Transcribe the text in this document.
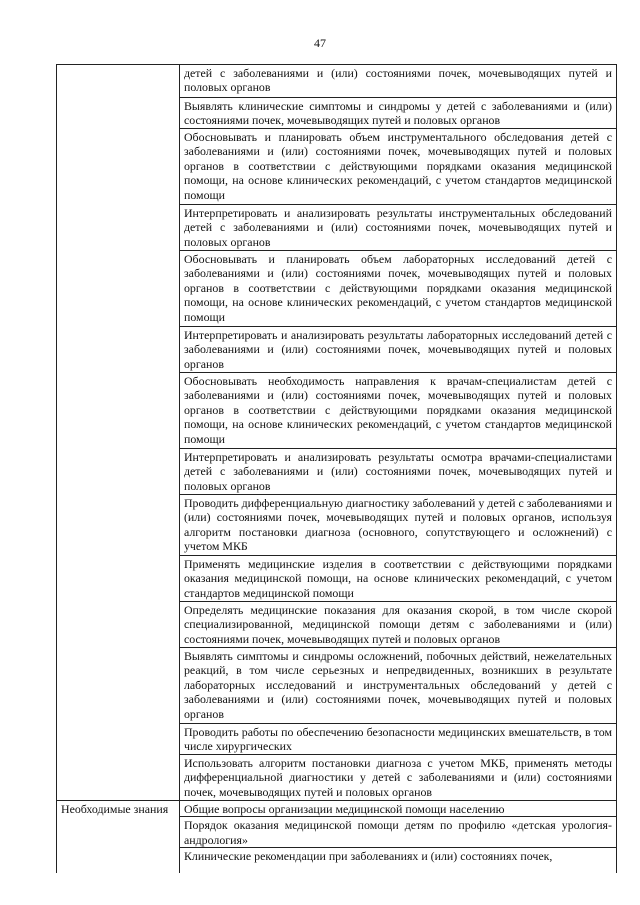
47
	детей с заболеваниями и (или) состояниями почек, мочевыводящих путей и половых органов
	Выявлять клинические симптомы и синдромы у детей с заболеваниями и (или) состояниями почек, мочевыводящих путей и половых органов
	Обосновывать и планировать объем инструментального обследования детей с заболеваниями и (или) состояниями почек, мочевыводящих путей и половых органов в соответствии с действующими порядками оказания медицинской помощи, на основе клинических рекомендаций, с учетом стандартов медицинской помощи
	Интерпретировать и анализировать результаты инструментальных обследований детей с заболеваниями и (или) состояниями почек, мочевыводящих путей и половых органов
	Обосновывать и планировать объем лабораторных исследований детей с заболеваниями и (или) состояниями почек, мочевыводящих путей и половых органов в соответствии с действующими порядками оказания медицинской помощи, на основе клинических рекомендаций, с учетом стандартов медицинской помощи
	Интерпретировать и анализировать результаты лабораторных исследований детей с заболеваниями и (или) состояниями почек, мочевыводящих путей и половых органов
	Обосновывать необходимость направления к врачам-специалистам детей с заболеваниями и (или) состояниями почек, мочевыводящих путей и половых органов в соответствии с действующими порядками оказания медицинской помощи, на основе клинических рекомендаций, с учетом стандартов медицинской помощи
	Интерпретировать и анализировать результаты осмотра врачами-специалистами детей с заболеваниями и (или) состояниями почек, мочевыводящих путей и половых органов
	Проводить дифференциальную диагностику заболеваний у детей с заболеваниями и (или) состояниями почек, мочевыводящих путей и половых органов, используя алгоритм постановки диагноза (основного, сопутствующего и осложнений) с учетом МКБ
	Применять медицинские изделия в соответствии с действующими порядками оказания медицинской помощи, на основе клинических рекомендаций, с учетом стандартов медицинской помощи
	Определять медицинские показания для оказания скорой, в том числе скорой специализированной, медицинской помощи детям с заболеваниями и (или) состояниями почек, мочевыводящих путей и половых органов
	Выявлять симптомы и синдромы осложнений, побочных действий, нежелательных реакций, в том числе серьезных и непредвиденных, возникших в результате лабораторных исследований и инструментальных обследований у детей с заболеваниями и (или) состояниями почек, мочевыводящих путей и половых органов
	Проводить работы по обеспечению безопасности медицинских вмешательств, в том числе хирургических
	Использовать алгоритм постановки диагноза с учетом МКБ, применять методы дифференциальной диагностики у детей с заболеваниями и (или) состояниями почек, мочевыводящих путей и половых органов
Необходимые знания	Общие вопросы организации медицинской помощи населению
	Порядок оказания медицинской помощи детям по профилю «детская урология-андрология»
	Клинические рекомендации при заболеваниях и (или) состояниях почек,
